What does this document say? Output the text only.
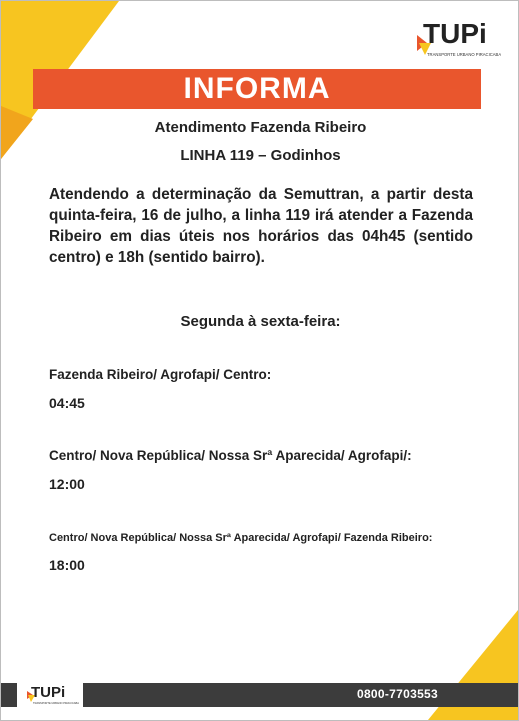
TUPi
TRANSPORTE URBANO PIRACICABA
INFORMA
Atendimento Fazenda Ribeiro
LINHA 119 – Godinhos
Atendendo a determinação da Semuttran, a partir desta
quinta-feira, 16 de julho, a linha 119 irá atender a Fazenda
Ribeiro em dias úteis nos horários das 04h45 (sentido
centro) e 18h (sentido bairro).
Segunda à sexta-feira:
Fazenda Ribeiro/ Agrofapi/ Centro:
04:45
Centro/ Nova República/ Nossa Srª Aparecida/ Agrofapi/:
12:00
Centro/ Nova República/ Nossa Srª Aparecida/ Agrofapi/ Fazenda Ribeiro:
18:00
TUPi
TRANSPORTE URBANO PIRACICABA
0800-7703553
